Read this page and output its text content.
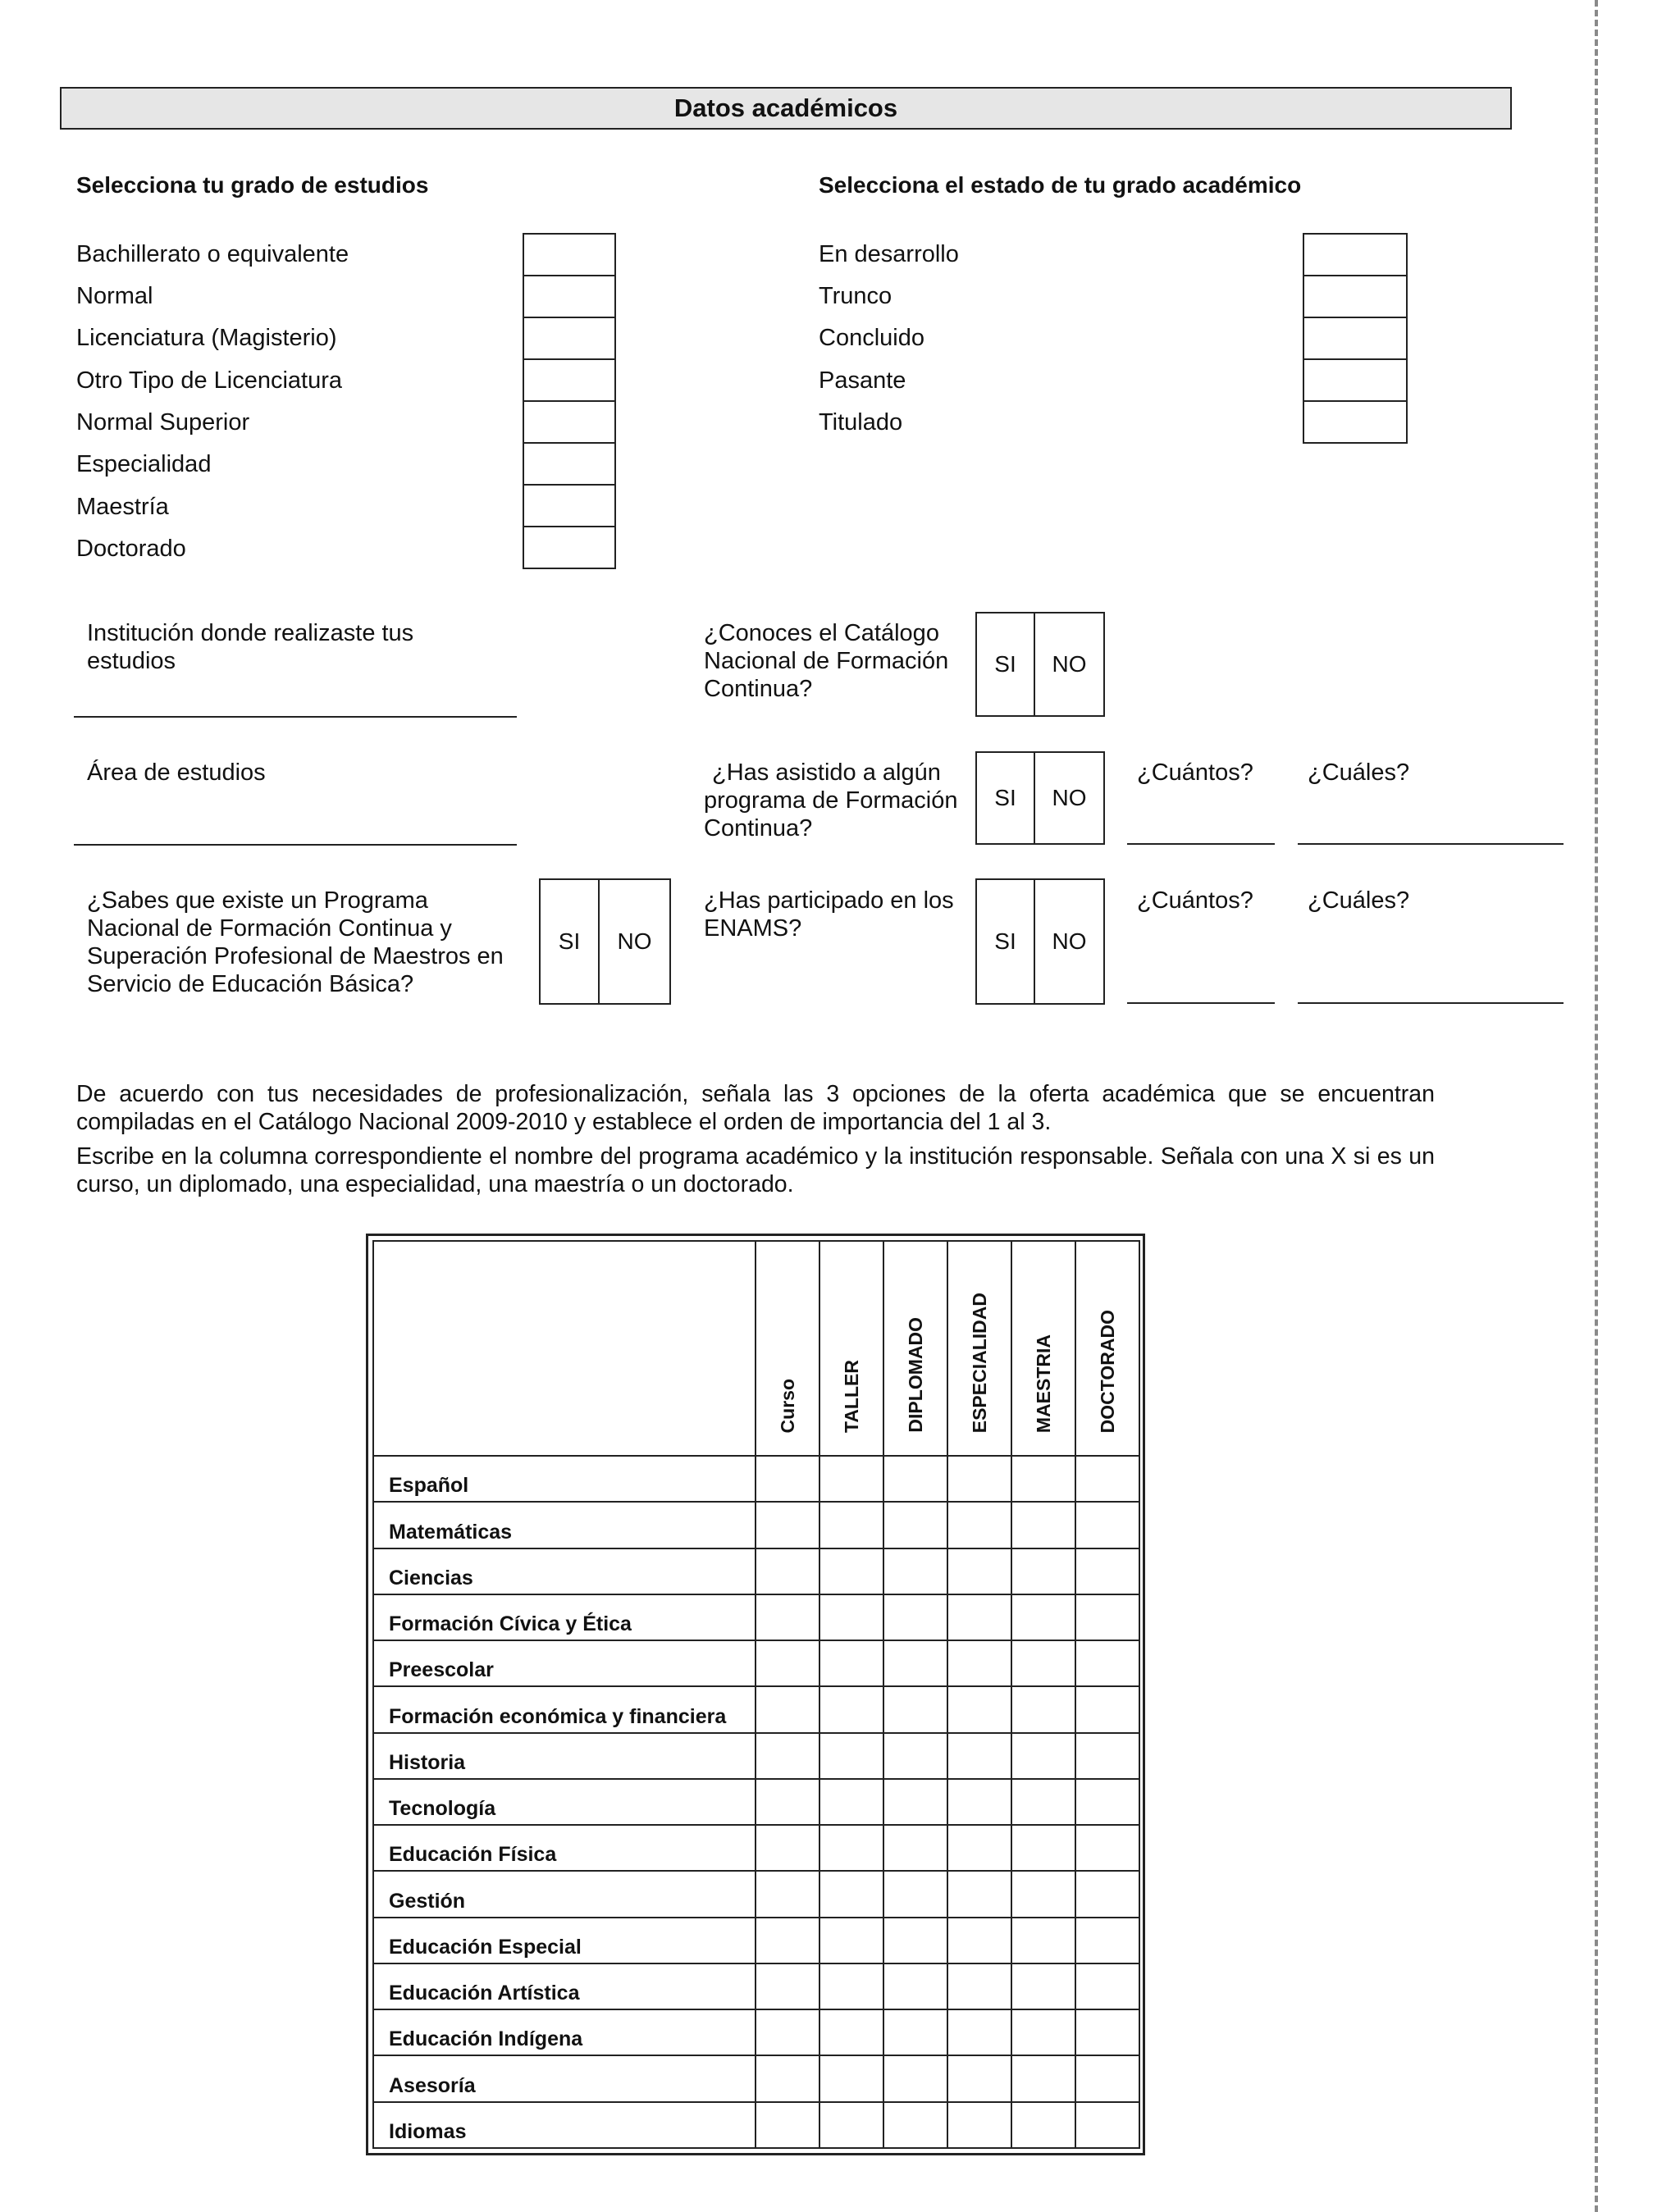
Datos académicos
Selecciona tu grado de estudios
Bachillerato o equivalente
Normal
Licenciatura (Magisterio)
Otro Tipo de Licenciatura
Normal Superior
Especialidad
Maestría
Doctorado
Selecciona el estado de tu grado académico
En desarrollo
Trunco
Concluido
Pasante
Titulado
Institución donde realizaste tus estudios
Área de estudios
¿Sabes que existe un Programa Nacional de Formación Continua y Superación Profesional de Maestros en Servicio de Educación Básica?
SI	NO
¿Conoces el Catálogo Nacional de Formación Continua?
SI	NO
¿Has asistido a algún programa de Formación Continua?
SI	NO
¿Cuántos? ¿Cuáles?
¿Has participado en los ENAMS?	SI	NO
¿Cuántos? ¿Cuáles?
De acuerdo con tus necesidades de profesionalización, señala las 3 opciones de la oferta académica que se encuentran compiladas en el Catálogo Nacional 2009-2010 y establece el orden de importancia del 1 al 3.
Escribe en la columna correspondiente el nombre del programa académico y la institución responsable. Señala con una X si es un curso, un diplomado, una especialidad, una maestría o un doctorado.
	Curso	TALLER	DIPLOMADO	ESPECIALIDAD	MAESTRIA	DOCTORADO
Español						
Matemáticas						
Ciencias						
Formación Cívica y Ética						
Preescolar						
Formación económica y financiera						
Historia						
Tecnología						
Educación Física						
Gestión						
Educación Especial						
Educación Artística						
Educación Indígena						
Asesoría						
Idiomas						
